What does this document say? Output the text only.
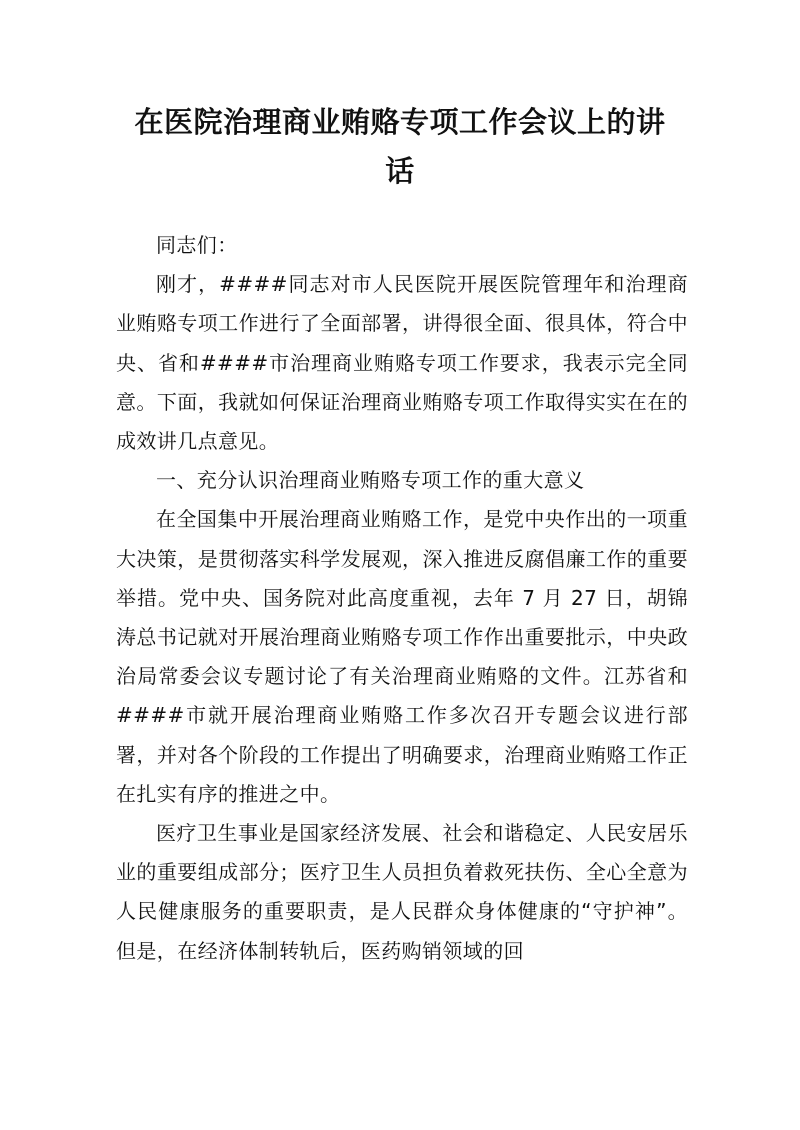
在医院治理商业贿赂专项工作会议上的讲话

同志们：

刚才，####同志对市人民医院开展医院管理年和治理商业贿赂专项工作进行了全面部署，讲得很全面、很具体，符合中央、省和####市治理商业贿赂专项工作要求，我表示完全同意。下面，我就如何保证治理商业贿赂专项工作取得实实在在的成效讲几点意见。

一、充分认识治理商业贿赂专项工作的重大意义

在全国集中开展治理商业贿赂工作，是党中央作出的一项重大决策，是贯彻落实科学发展观，深入推进反腐倡廉工作的重要举措。党中央、国务院对此高度重视，去年 7 月 27 日，胡锦涛总书记就对开展治理商业贿赂专项工作作出重要批示，中央政治局常委会议专题讨论了有关治理商业贿赂的文件。江苏省和####市就开展治理商业贿赂工作多次召开专题会议进行部署，并对各个阶段的工作提出了明确要求，治理商业贿赂工作正在扎实有序的推进之中。

医疗卫生事业是国家经济发展、社会和谐稳定、人民安居乐业的重要组成部分；医疗卫生人员担负着救死扶伤、全心全意为人民健康服务的重要职责，是人民群众身体健康的“守护神”。但是，在经济体制转轨后，医药购销领域的回
